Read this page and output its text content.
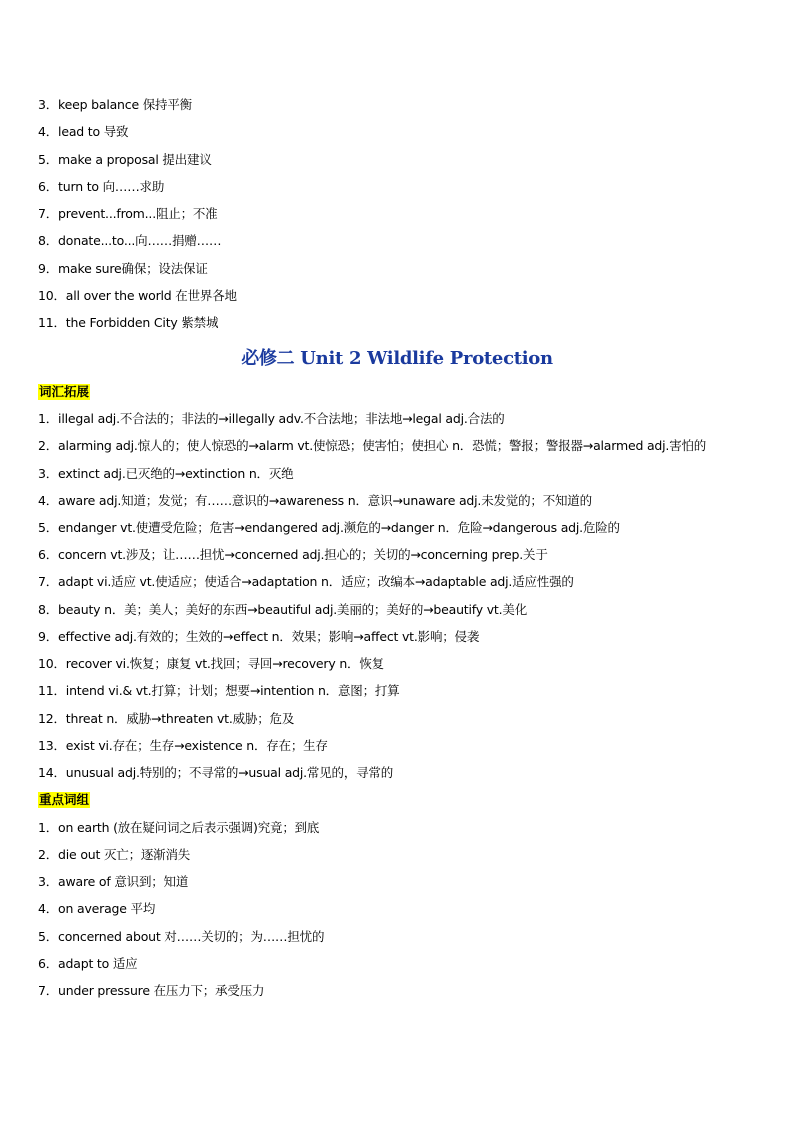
3．keep balance 保持平衡
4．lead to 导致
5．make a proposal 提出建议
6．turn to 向……求助
7．prevent...from...阻止；不准
8．donate...to...向……捐赠……
9．make sure确保；设法保证
10．all over the world 在世界各地
11．the Forbidden City 紫禁城
必修二 Unit 2 Wildlife Protection
词汇拓展
1．illegal adj.不合法的；非法的→illegally adv.不合法地；非法地→legal adj.合法的
2．alarming adj.惊人的；使人惊恐的→alarm vt.使惊恐；使害怕；使担心 n．恐慌；警报；警报器→alarmed adj.害怕的
3．extinct adj.已灭绝的→extinction n．灭绝
4．aware adj.知道；发觉；有……意识的→awareness n．意识→unaware adj.未发觉的；不知道的
5．endanger vt.使遭受危险；危害→endangered adj.濒危的→danger n．危险→dangerous adj.危险的
6．concern vt.涉及；让……担忧→concerned adj.担心的；关切的→concerning prep.关于
7．adapt vi.适应 vt.使适应；使适合→adaptation n．适应；改编本→adaptable adj.适应性强的
8．beauty n．美；美人；美好的东西→beautiful adj.美丽的；美好的→beautify vt.美化
9．effective adj.有效的；生效的→effect n．效果；影响→affect vt.影响；侵袭
10．recover vi.恢复；康复 vt.找回；寻回→recovery n．恢复
11．intend vi.& vt.打算；计划；想要→intention n．意图；打算
12．threat n．威胁→threaten vt.威胁；危及
13．exist vi.存在；生存→existence n．存在；生存
14．unusual adj.特别的；不寻常的→usual adj.常见的，寻常的
重点词组
1．on earth (放在疑问词之后表示强调)究竟；到底
2．die out 灭亡；逐渐消失
3．aware of 意识到；知道
4．on average 平均
5．concerned about 对……关切的；为……担忧的
6．adapt to 适应
7．under pressure 在压力下；承受压力
